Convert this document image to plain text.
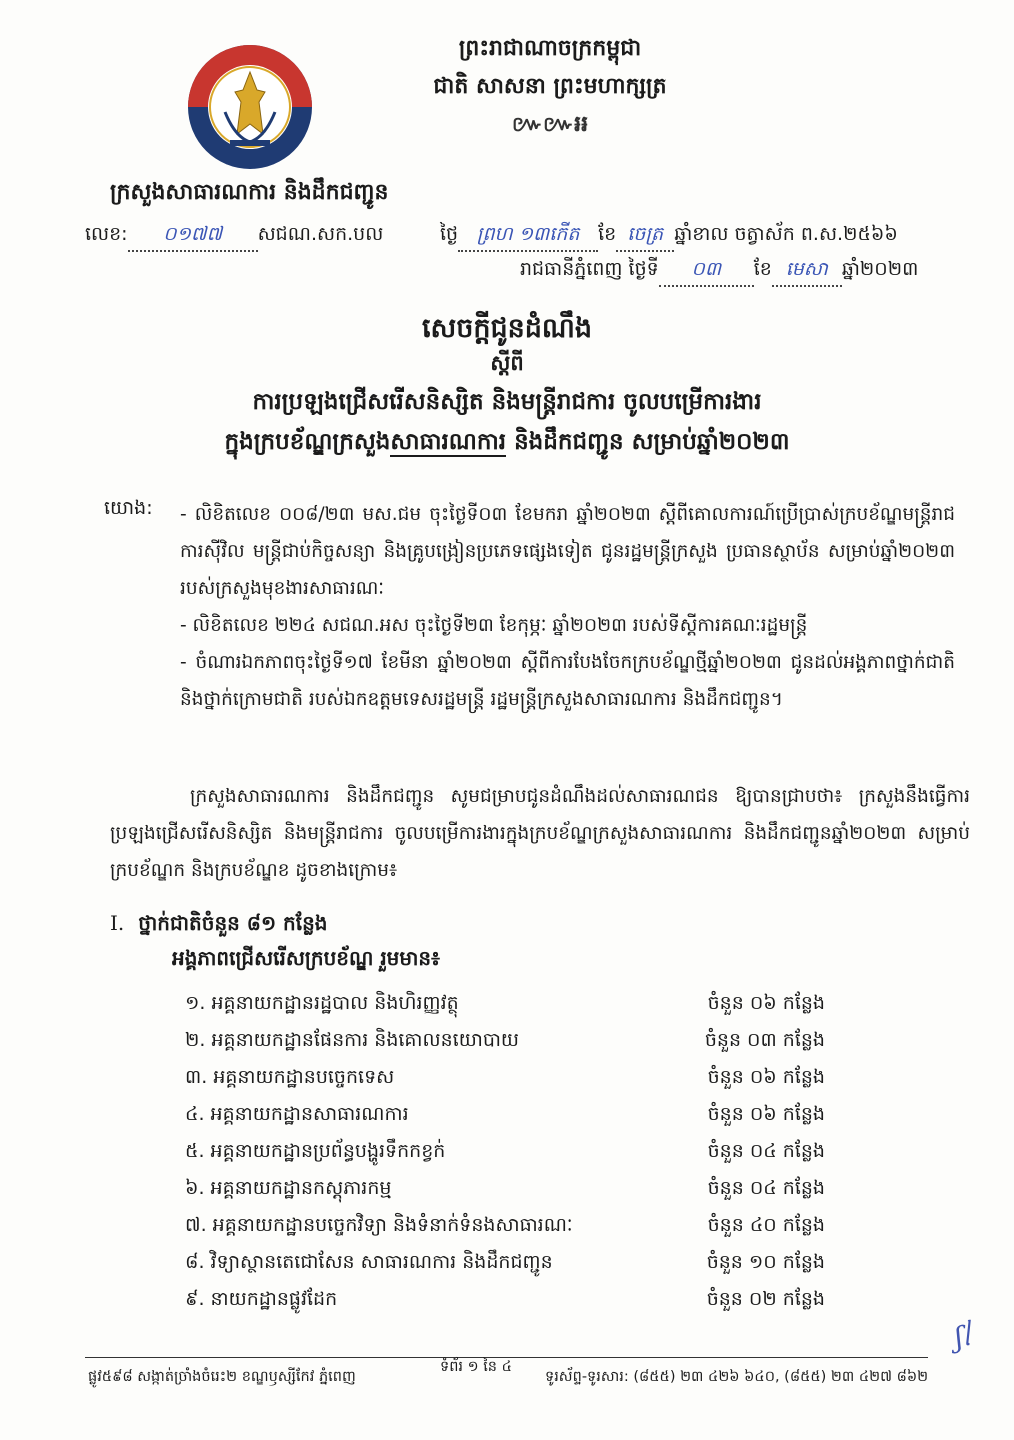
ព្រះរាជាណាចក្រកម្ពុជា
ជាតិ សាសនា ព្រះមហាក្សត្រ
៚៚៛៛
ក្រសួងសាធារណការ និងដឹកជញ្ជូន
លេខ: ០១៧៧ សជណ.សក.បល	ថ្ងៃ ព្រហ ១៣កើត ខែ ចេត្រ ឆ្នាំខាល ចត្វាស័ក ព.ស.២៥៦៦
រាជធានីភ្នំពេញ ថ្ងៃទី ០៣ ខែ មេសា ឆ្នាំ២០២៣
សេចក្តីជូនដំណឹង
ស្តីពី
ការប្រឡងជ្រើសរើសនិស្សិត និងមន្ត្រីរាជការ ចូលបម្រើការងារ
ក្នុងក្របខ័ណ្ឌក្រសួងសាធារណការ និងដឹកជញ្ជូន សម្រាប់ឆ្នាំ២០២៣
យោង: - លិខិតលេខ ០០៨/២៣ មស.ជម ចុះថ្ងៃទី០៣ ខែមករា ឆ្នាំ២០២៣ ស្តីពីគោលការណ៍ប្រើប្រាស់ក្របខ័ណ្ឌមន្ត្រីរាជការស៊ីវិល មន្ត្រីជាប់កិច្ចសន្យា និងគ្រូបង្រៀនប្រភេទផ្សេងទៀត ជូនរដ្ឋមន្ត្រីក្រសួង ប្រធានស្ថាប័ន សម្រាប់ឆ្នាំ២០២៣ របស់ក្រសួងមុខងារសាធារណៈ

- លិខិតលេខ ២២៤ សជណ.អស ចុះថ្ងៃទី២៣ ខែកុម្ភៈ ឆ្នាំ២០២៣ របស់ទីស្តីការគណៈរដ្ឋមន្ត្រី

- ចំណារឯកភាពចុះថ្ងៃទី១៧ ខែមីនា ឆ្នាំ២០២៣ ស្តីពីការបែងចែកក្របខ័ណ្ឌថ្មីឆ្នាំ២០២៣ ជូនដល់អង្គភាពថ្នាក់ជាតិ និងថ្នាក់ក្រោមជាតិ របស់ឯកឧត្តមទេសរដ្ឋមន្ត្រី រដ្ឋមន្ត្រីក្រសួងសាធារណការ និងដឹកជញ្ជូន។

ក្រសួងសាធារណការ និងដឹកជញ្ជូន សូមជម្រាបជូនដំណឹងដល់សាធារណជន ឱ្យបានជ្រាបថា៖ ក្រសួងនឹងធ្វើការប្រឡងជ្រើសរើសនិស្សិត និងមន្ត្រីរាជការ ចូលបម្រើការងារក្នុងក្របខ័ណ្ឌក្រសួងសាធារណការ និងដឹកជញ្ជូនឆ្នាំ២០២៣ សម្រាប់ក្របខ័ណ្ឌក និងក្របខ័ណ្ឌខ ដូចខាងក្រោម៖
I. ថ្នាក់ជាតិចំនួន ៨១ កន្លែង
អង្គភាពជ្រើសរើសក្របខ័ណ្ឌ រួមមាន៖
១. អគ្គនាយកដ្ឋានរដ្ឋបាល និងហិរញ្ញវត្ថុ	ចំនួន ០៦ កន្លែង
២. អគ្គនាយកដ្ឋានផែនការ និងគោលនយោបាយ	ចំនួន ០៣ កន្លែង
៣. អគ្គនាយកដ្ឋានបច្ចេកទេស	ចំនួន ០៦ កន្លែង
៤. អគ្គនាយកដ្ឋានសាធារណការ	ចំនួន ០៦ កន្លែង
៥. អគ្គនាយកដ្ឋានប្រព័ន្ធបង្ហូរទឹកកខ្វក់	ចំនួន ០៤ កន្លែង
៦. អគ្គនាយកដ្ឋានកស្តុភារកម្ម	ចំនួន ០៤ កន្លែង
៧. អគ្គនាយកដ្ឋានបច្ចេកវិទ្យា និងទំនាក់ទំនងសាធារណៈ	ចំនួន ៤០ កន្លែង
៨. វិទ្យាស្ថានតេជោសែន សាធារណការ និងដឹកជញ្ជូន	ចំនួន ១០ កន្លែង
៩. នាយកដ្ឋានផ្លូវដែក	ចំនួន ០២ កន្លែង
ʃᥣ
ផ្លូវ៥៩៨ សង្កាត់ច្រាំងចំរេះ២ ខណ្ឌឫស្សីកែវ ភ្នំពេញ
ទំព័រ ១ នៃ ៤
ទូរស័ព្ទ-ទូរសារ: (៨៥៥) ២៣ ៤២៦ ៦៤០, (៨៥៥) ២៣ ៤២៧ ៨៦២
